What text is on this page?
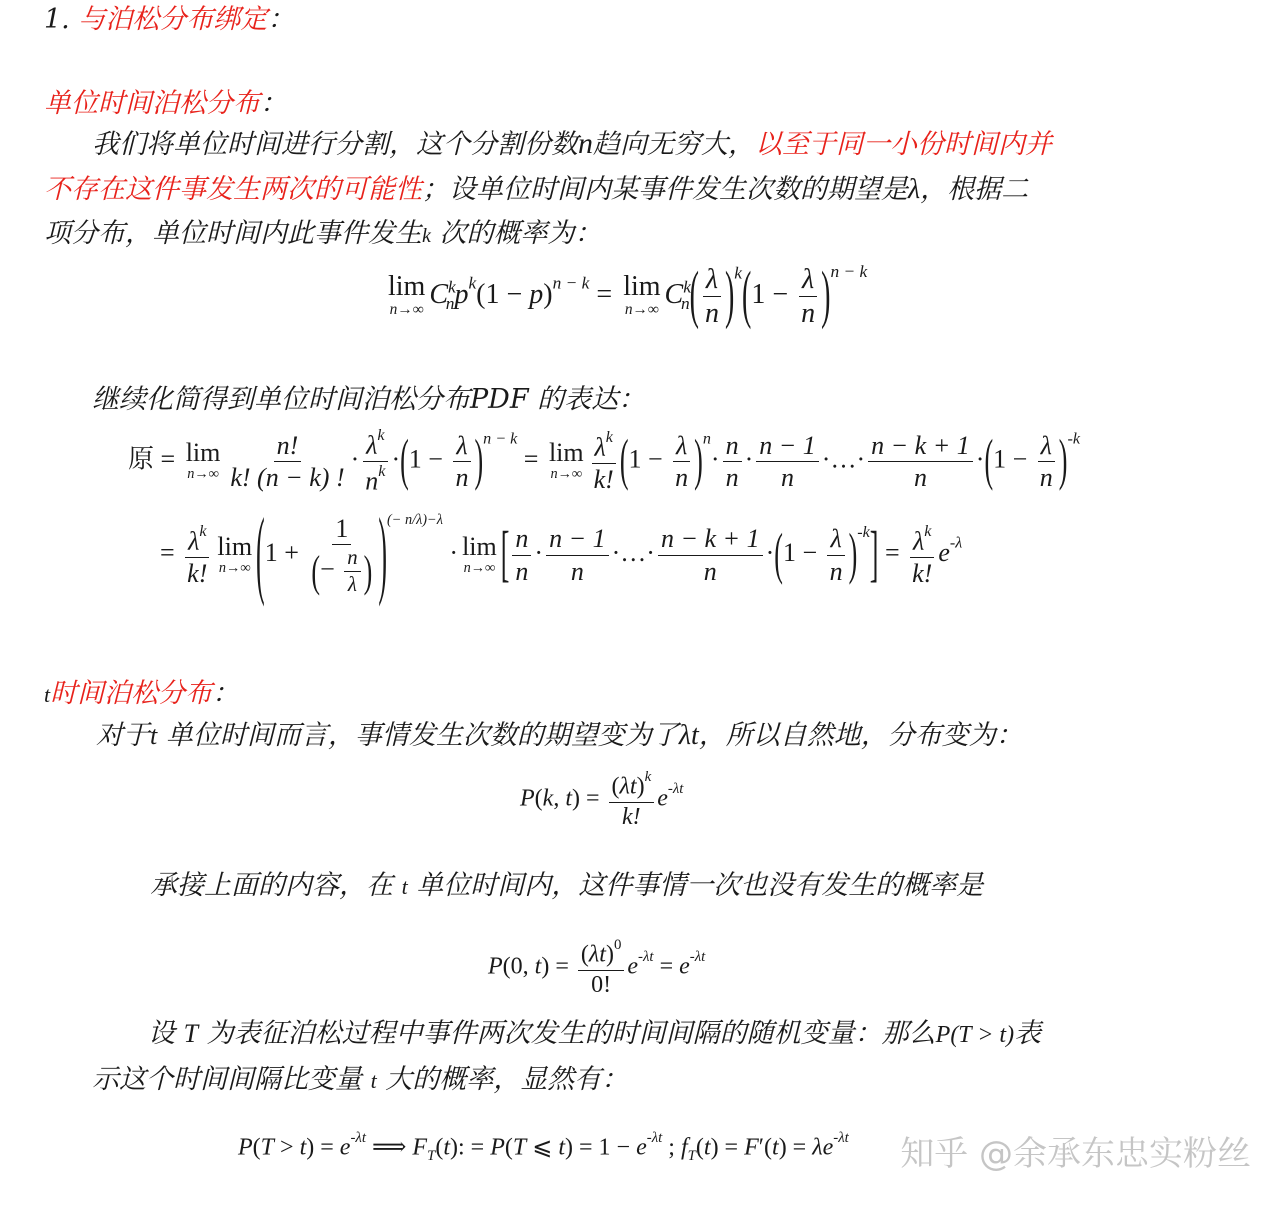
1. 与泊松分布绑定：
单位时间泊松分布：
我们将单位时间进行分割，这个分割份数n趋向无穷大，以至于同一小份时间内并
不存在这件事发生两次的可能性；设单位时间内某事件发生次数的期望是λ，根据二
项分布，单位时间内此事件发生k 次的概率为：
lim
n→∞ $C^k_np^k(1 - p)^{n - k} = \lim$
n→∞ $C^k_n( \frac{\lambda}{n} )^k(1 - \frac{\lambda}{n} )^{n - k}$
继续化简得到单位时间泊松分布PDF 的表达：
原 = lim
$n\to\infty \frac{n!}{k! (n - k) !} \cdot \frac{\lambda^k}{n^k} \cdot(1 - \frac{\lambda}{n} )^{n - k} = \lim$
$n\to\infty \frac{\lambda^k}{k!} (1 - \frac{\lambda}{n} )^n\cdot \frac{n}{n} \cdot \frac{n - 1}{n}$ ·…· $\frac{n - k + 1}{n} \cdot(1 - \frac{\lambda}{n} )^{-k}$
= $\frac{\lambda^k}{k!}$ lim
n→∞ $(1 + \frac{1}{(- \frac{n}{\lambda} )} )^{(- n/\lambda)-\lambda} \cdot \lim$
n→∞ [ $\frac{n}{n} \cdot \frac{n - 1}{n}$ ·…· $\frac{n - k + 1}{n} \cdot(1 - \frac{\lambda}{n} )^{-k}] = \frac{\lambda^k}{k!} e^{-\lambda}$
t时间泊松分布：
对于t 单位时间而言，事情发生次数的期望变为了λt，所以自然地，分布变为：
P(k, $t) = \frac{(\lambda t)^k}{k!} e^{-\lambda t}$
承接上面的内容，在 t 单位时间内，这件事情一次也没有发生的概率是
P(0, $t) = \frac{(\lambda t)^0}{0!} e^{-\lambda t} = e^{-\lambda t}$
设 T 为表征泊松过程中事件两次发生的时间间隔的随机变量：那么P(T > t)表
示这个时间间隔比变量 t 大的概率，显然有：
$P(T > t) = e^{-\lambda t}$ ⟹ $F_T(t)$: = P(T ⩽ $t) = 1 - e^{-\lambda t}$ ; $f_T(t) = F'(t) = \lambda e^{-\lambda t}$ 知乎 @余承东忠实粉丝
